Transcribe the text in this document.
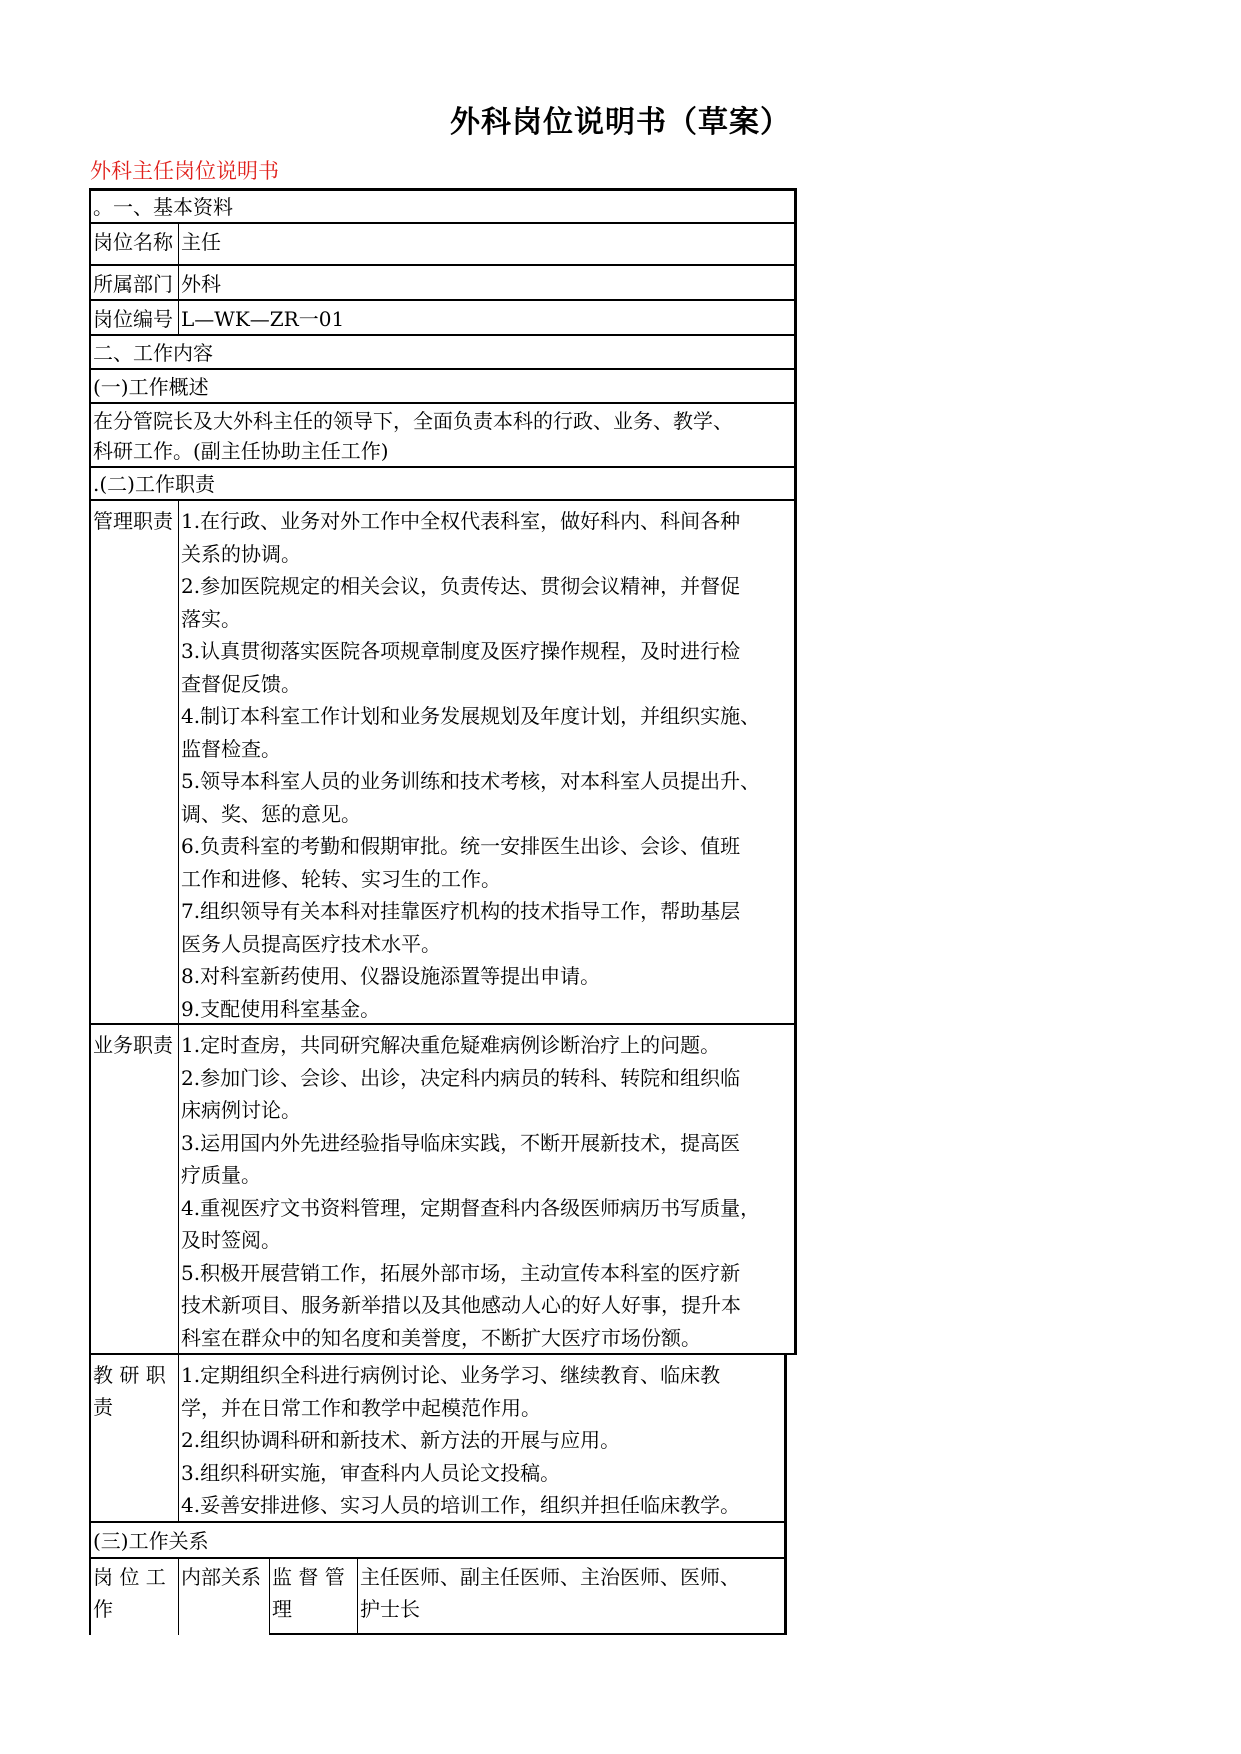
外科岗位说明书（草案）
外科主任岗位说明书
。一、基本资料
岗位名称 主任
所属部门 外科
岗位编号 L—WK—ZR一01
二、工作内容
(一)工作概述
在分管院长及大外科主任的领导下，全面负责本科的行政、业务、教学、
科研工作。(副主任协助主任工作)
.(二)工作职责
管理职责 1.在行政、业务对外工作中全权代表科室，做好科内、科间各种
关系的协调。
2.参加医院规定的相关会议，负责传达、贯彻会议精神，并督促
落实。
3.认真贯彻落实医院各项规章制度及医疗操作规程，及时进行检
查督促反馈。
4.制订本科室工作计划和业务发展规划及年度计划，并组织实施、
监督检查。
5.领导本科室人员的业务训练和技术考核，对本科室人员提出升、
调、奖、惩的意见。
6.负责科室的考勤和假期审批。统一安排医生出诊、会诊、值班
工作和进修、轮转、实习生的工作。
7.组织领导有关本科对挂靠医疗机构的技术指导工作，帮助基层
医务人员提高医疗技术水平。
8.对科室新药使用、仪器设施添置等提出申请。
9.支配使用科室基金。
业务职责 1.定时查房，共同研究解决重危疑难病例诊断治疗上的问题。
2.参加门诊、会诊、出诊，决定科内病员的转科、转院和组织临
床病例讨论。
3.运用国内外先进经验指导临床实践，不断开展新技术，提高医
疗质量。
4.重视医疗文书资料管理，定期督查科内各级医师病历书写质量，
及时签阅。
5.积极开展营销工作，拓展外部市场，主动宣传本科室的医疗新
技术新项目、服务新举措以及其他感动人心的好人好事，提升本
科室在群众中的知名度和美誉度，不断扩大医疗市场份额。
教 研 职
责
1.定期组织全科进行病例讨论、业务学习、继续教育、临床教
学，并在日常工作和教学中起模范作用。
2.组织协调科研和新技术、新方法的开展与应用。
3.组织科研实施，审查科内人员论文投稿。
4.妥善安排进修、实习人员的培训工作，组织并担任临床教学。
(三)工作关系
岗 位 工
作
内部关系 监 督 管
理
主任医师、副主任医师、主治医师、医师、
护士长
